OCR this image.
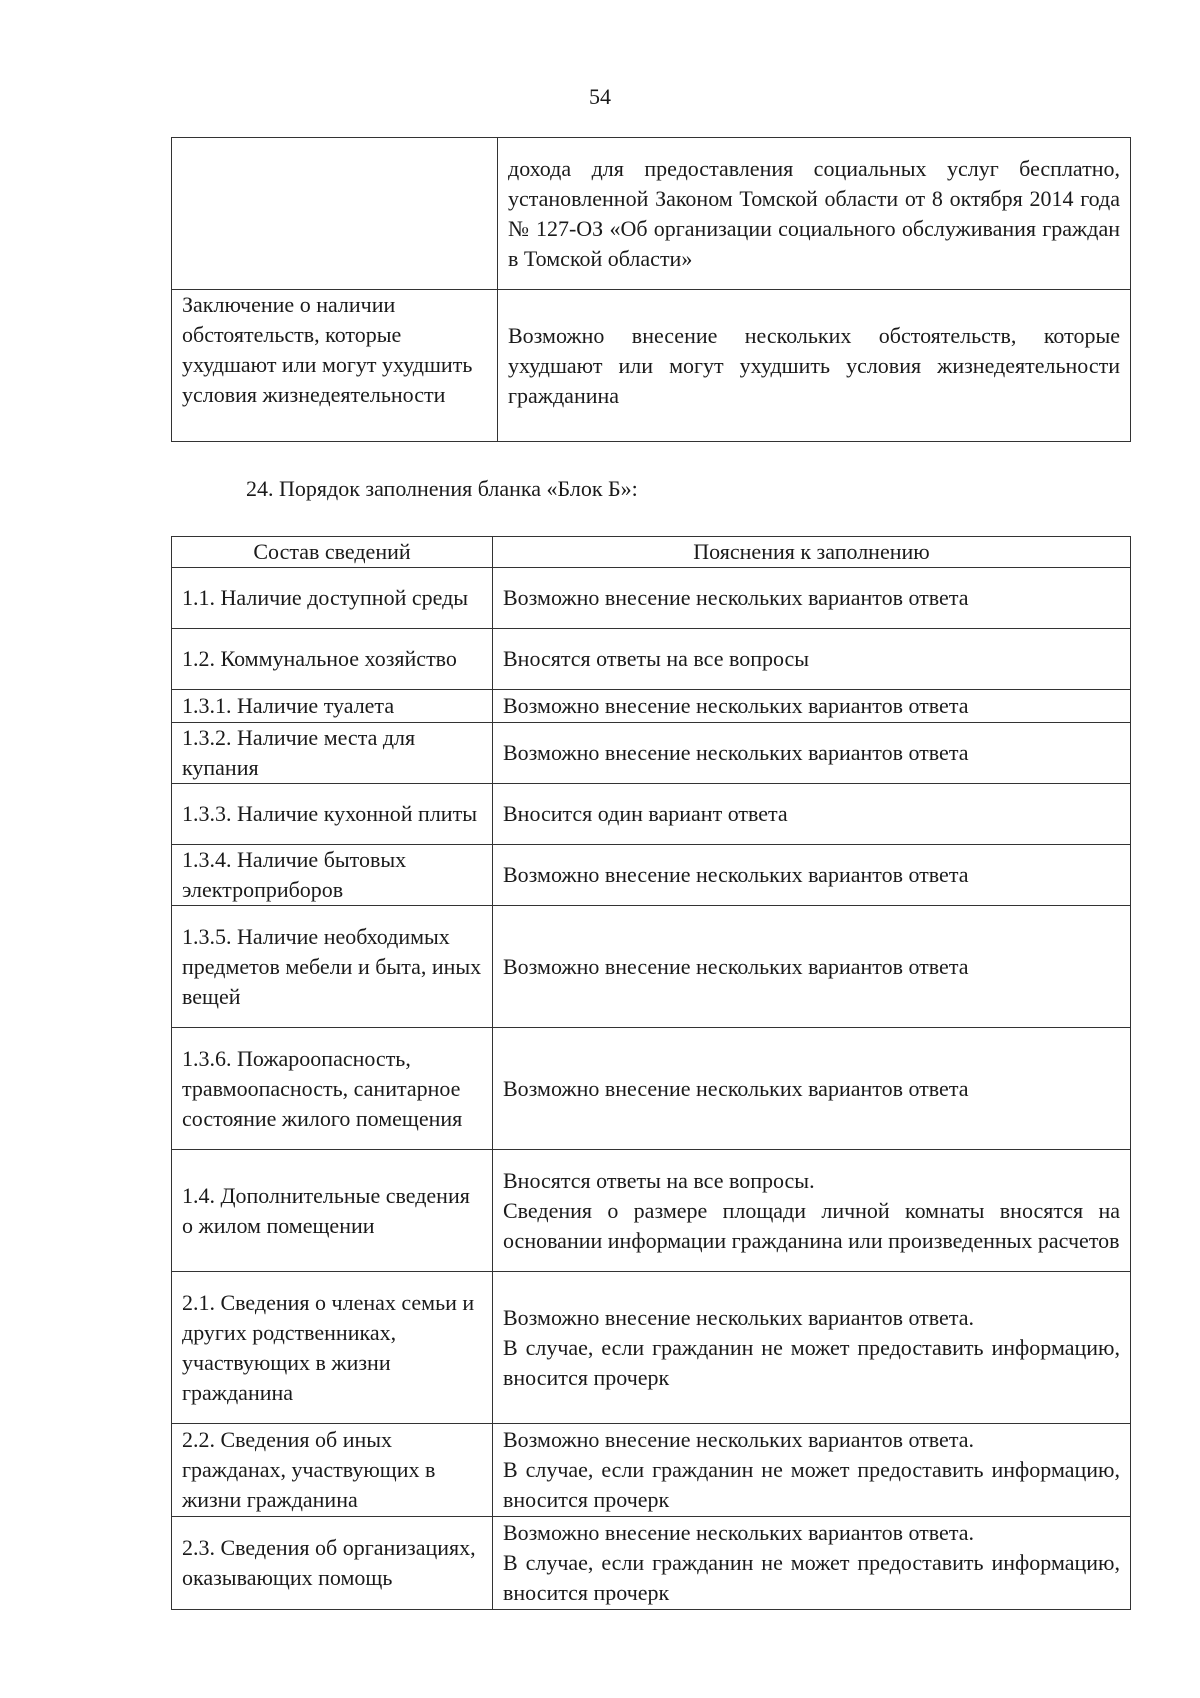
54
	дохода для предоставления социальных услуг бесплатно, установленной Законом Томской области от 8 октября 2014 года № 127-ОЗ «Об организации социального обслуживания граждан в Томской области»
Заключение о наличии обстоятельств, которые ухудшают или могут ухудшить условия жизнедеятельности	Возможно внесение нескольких обстоятельств, которые ухудшают или могут ухудшить условия жизнедеятельности гражданина
24. Порядок заполнения бланка «Блок Б»:
Состав сведений	Пояснения к заполнению
1.1. Наличие доступной среды	Возможно внесение нескольких вариантов ответа
1.2. Коммунальное хозяйство	Вносятся ответы на все вопросы
1.3.1. Наличие туалета	Возможно внесение нескольких вариантов ответа
1.3.2. Наличие места для купания	Возможно внесение нескольких вариантов ответа
1.3.3. Наличие кухонной плиты	Вносится один вариант ответа
1.3.4. Наличие бытовых электроприборов	Возможно внесение нескольких вариантов ответа
1.3.5. Наличие необходимых предметов мебели и быта, иных вещей	Возможно внесение нескольких вариантов ответа
1.3.6. Пожароопасность, травмоопасность, санитарное состояние жилого помещения	Возможно внесение нескольких вариантов ответа
1.4. Дополнительные сведения о жилом помещении	Вносятся ответы на все вопросы.
Сведения о размере площади личной комнаты вносятся на основании информации гражданина или произведенных расчетов

2.1. Сведения о членах семьи и других родственниках, участвующих в жизни гражданина	Возможно внесение нескольких вариантов ответа.
В случае, если гражданин не может предоставить информацию, вносится прочерк

2.2. Сведения об иных гражданах, участвующих в жизни гражданина	Возможно внесение нескольких вариантов ответа.
В случае, если гражданин не может предоставить информацию, вносится прочерк

2.3. Сведения об организациях, оказывающих помощь	Возможно внесение нескольких вариантов ответа.
В случае, если гражданин не может предоставить информацию, вносится прочерк
